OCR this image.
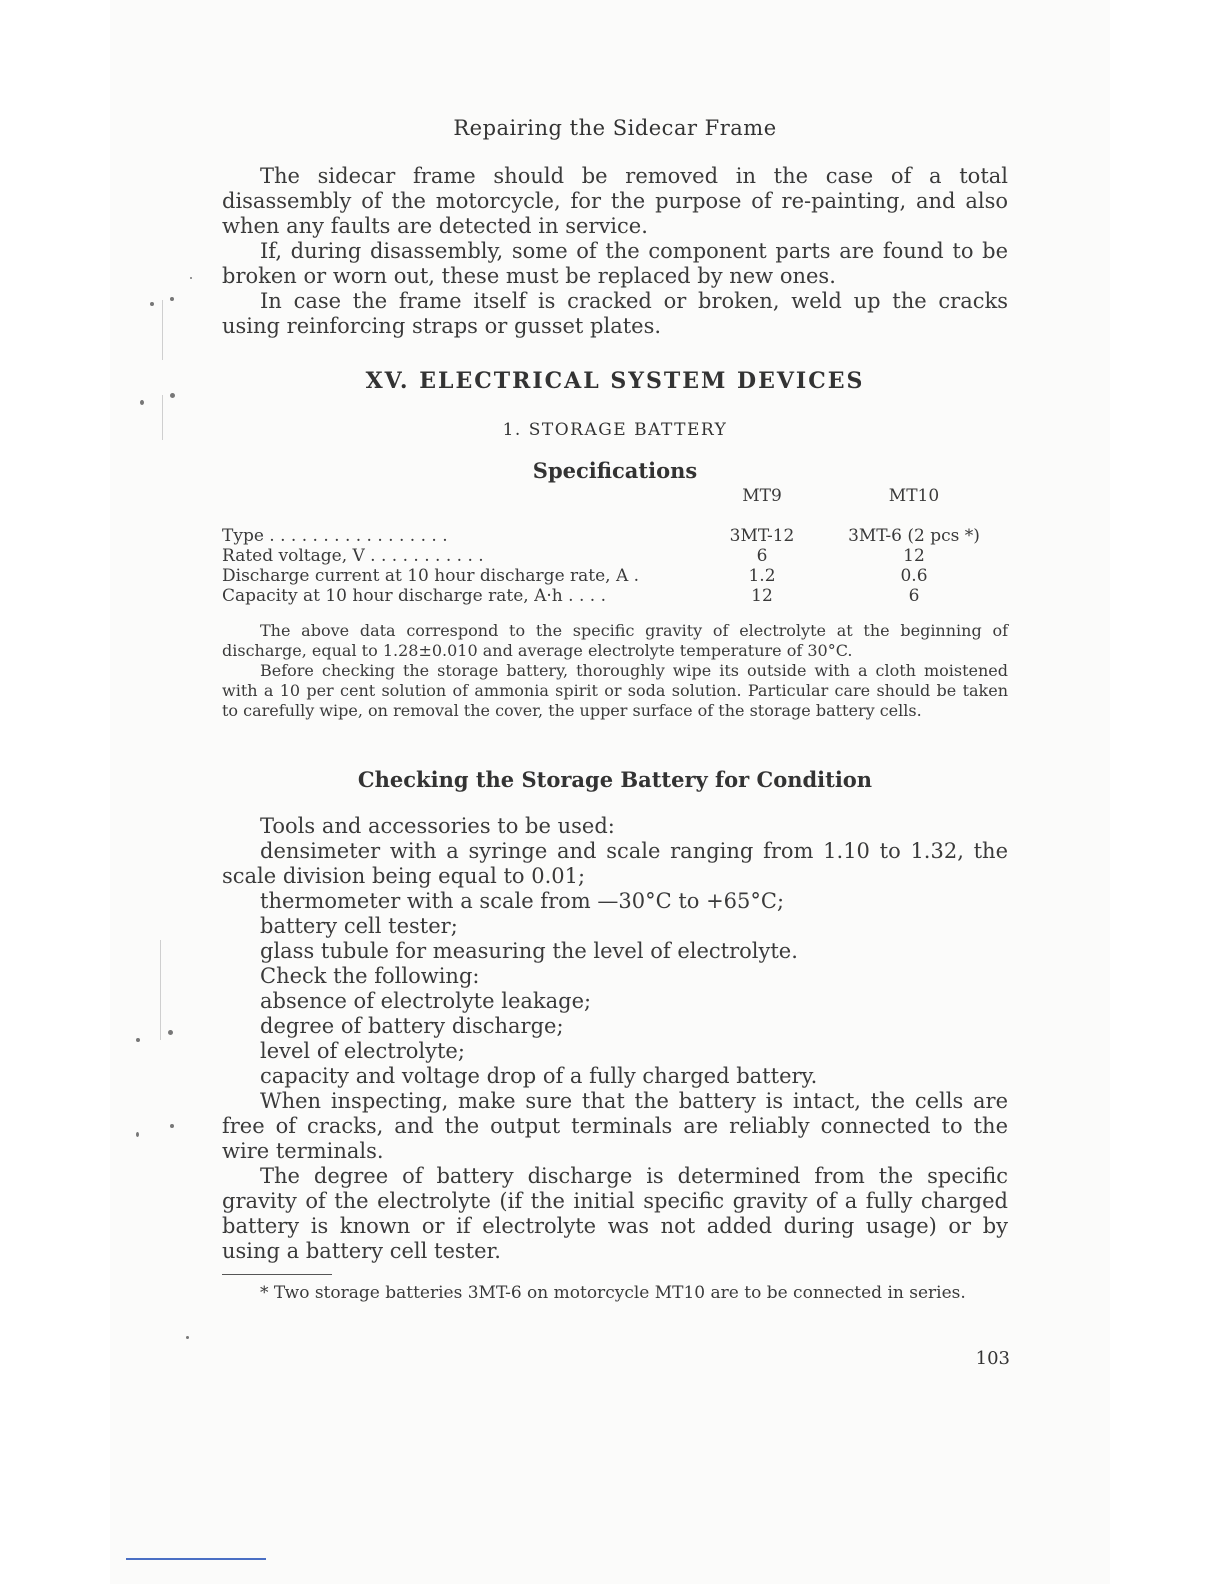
Repairing the Sidecar Frame

The sidecar frame should be removed in the case of a total disassembly of the motorcycle, for the purpose of re-painting, and also when any faults are detected in service.

If, during disassembly, some of the component parts are found to be broken or worn out, these must be replaced by new ones.

In case the frame itself is cracked or broken, weld up the cracks using reinforcing straps or gusset plates.

XV. ELECTRICAL SYSTEM DEVICES
1. STORAGE BATTERY
Specifications
MT9	MT10
Type . . . . . . . . . . . . . . . . .	3MT-12	3MT-6 (2 pcs *)
Rated voltage, V . . . . . . . . . . .	6	12
Discharge current at 10 hour discharge rate, A .	1.2	0.6
Capacity at 10 hour discharge rate, A·h . . . .	12	6

The above data correspond to the specific gravity of electrolyte at the beginning of discharge, equal to 1.28±0.010 and average electrolyte temperature of 30°C.

Before checking the storage battery, thoroughly wipe its outside with a cloth moistened with a 10 per cent solution of ammonia spirit or soda solution. Particular care should be taken to carefully wipe, on removal the cover, the upper surface of the storage battery cells.

Checking the Storage Battery for Condition

Tools and accessories to be used:

densimeter with a syringe and scale ranging from 1.10 to 1.32, the scale division being equal to 0.01;

thermometer with a scale from —30°C to +65°C;

battery cell tester;

glass tubule for measuring the level of electrolyte.

Check the following:

absence of electrolyte leakage;

degree of battery discharge;

level of electrolyte;

capacity and voltage drop of a fully charged battery.

When inspecting, make sure that the battery is intact, the cells are free of cracks, and the output terminals are reliably connected to the wire terminals.

The degree of battery discharge is determined from the specific gravity of the electrolyte (if the initial specific gravity of a fully charged battery is known or if electrolyte was not added during usage) or by using a battery cell tester.

* Two storage batteries 3MT-6 on motorcycle MT10 are to be connected in series.

103
